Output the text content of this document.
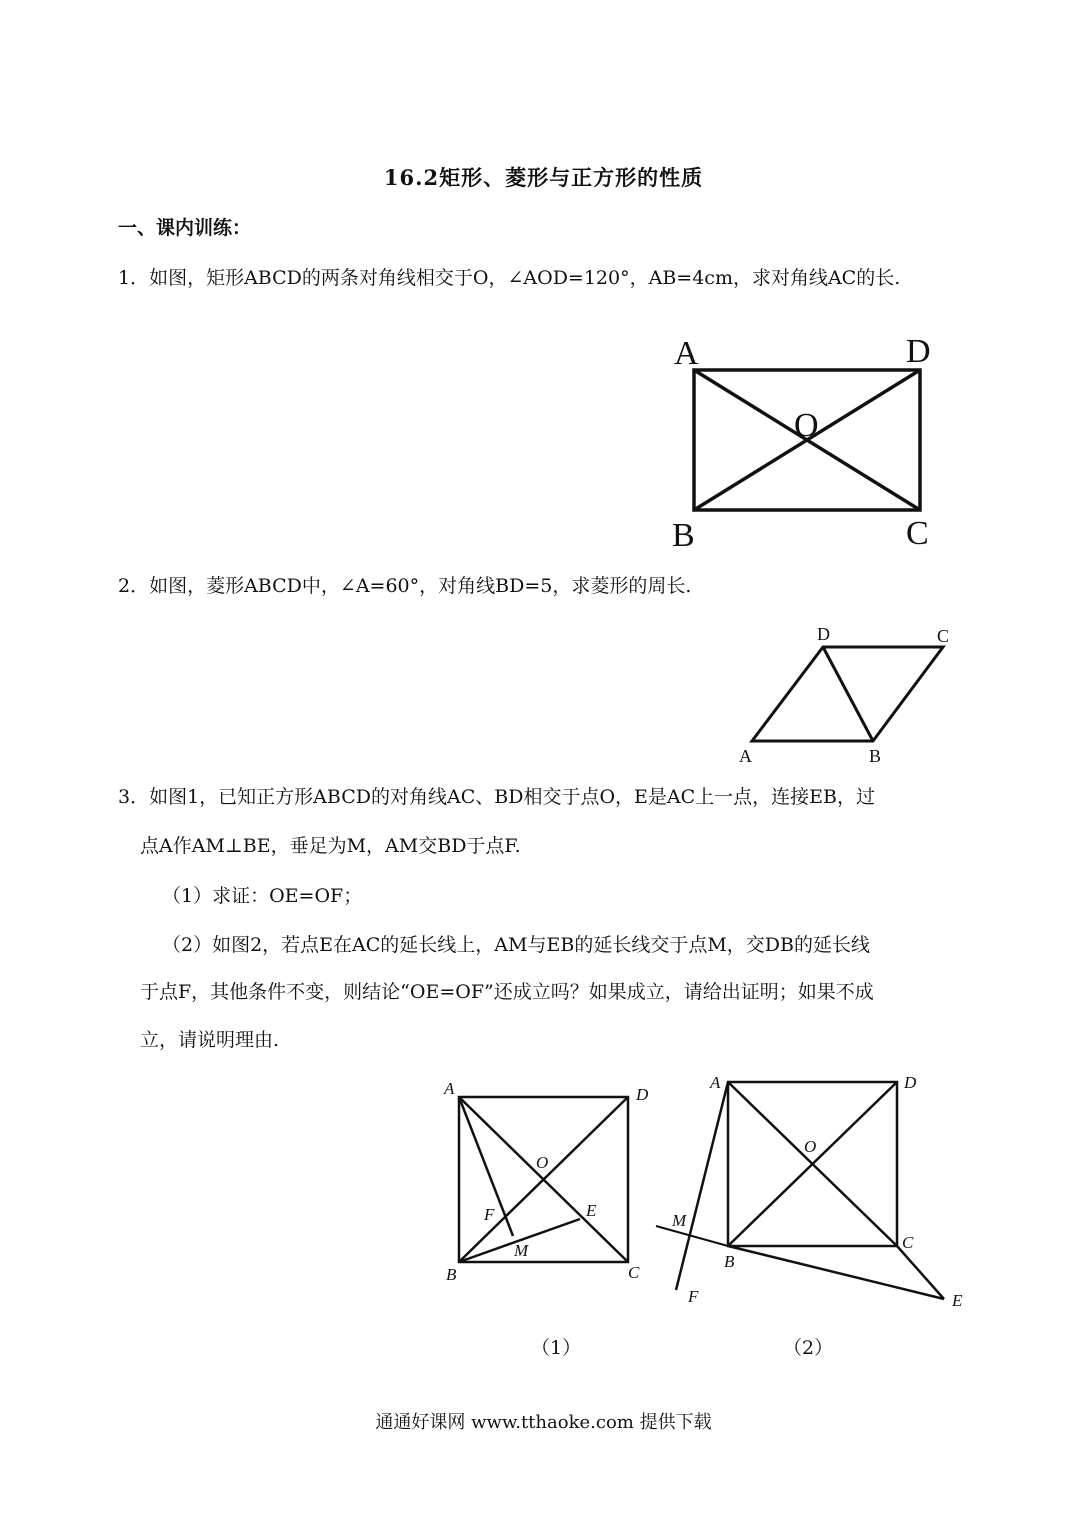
16.2矩形、菱形与正方形的性质
一、课内训练：
1．如图，矩形ABCD的两条对角线相交于O，∠AOD=120°，AB=4cm，求对角线AC的长.
A	D
O
B	C
2．如图，菱形ABCD中，∠A=60°，对角线BD=5，求菱形的周长.
D	C
A	B
3．如图1，已知正方形ABCD的对角线AC、BD相交于点O，E是AC上一点，连接EB，过
点A作AM⊥BE，垂足为M，AM交BD于点F.
（1）求证：OE=OF；
（2）如图2，若点E在AC的延长线上，AM与EB的延长线交于点M，交DB的延长线
于点F，其他条件不变，则结论“OE=OF”还成立吗？如果成立，请给出证明；如果不成
立，请说明理由.
A	D
O
F	E
M
B	C
A	D
O
M
C
B
F	E
（1）	（2）
通通好课网 www.tthaoke.com 提供下载
